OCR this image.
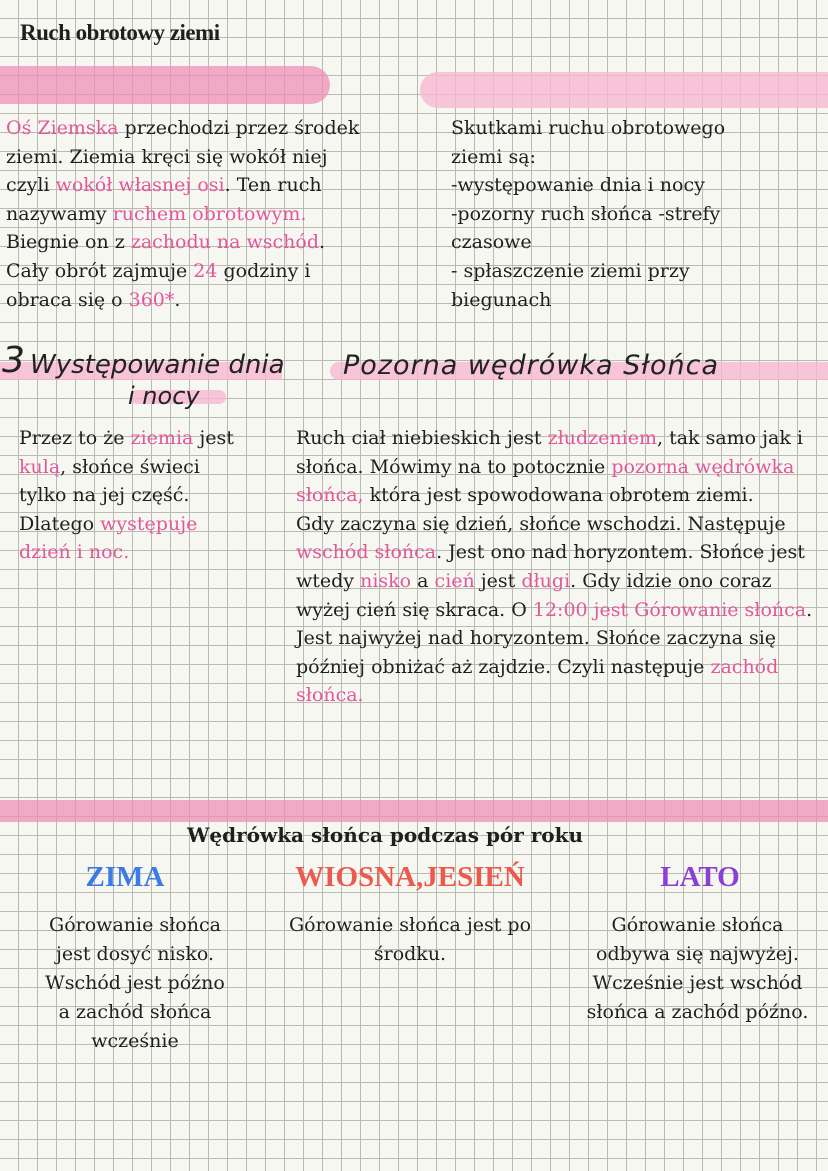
Ruch obrotowy ziemi
Oś Ziemska przechodzi przez środek ziemi. Ziemia kręci się wokół niej czyli wokół własnej osi. Ten ruch nazywamy ruchem obrotowym. Biegnie on z zachodu na wschód. Cały obrót zajmuje 24 godziny i obraca się o 360*.
Skutkami ruchu obrotowego ziemi są:
-występowanie dnia i nocy
-pozorny ruch słońca -strefy czasowe
- spłaszczenie ziemi przy biegunach
3 Występowanie dnia
i nocy
Pozorna wędrówka Słońca
Przez to że ziemia jest kulą, słońce świeci tylko na jej część. Dlatego występuje dzień i noc.
Ruch ciał niebieskich jest złudzeniem, tak samo jak i słońca. Mówimy na to potocznie pozorna wędrówka słońca, która jest spowodowana obrotem ziemi.
Gdy zaczyna się dzień, słońce wschodzi. Następuje wschód słońca. Jest ono nad horyzontem. Słońce jest wtedy nisko a cień jest długi. Gdy idzie ono coraz wyżej cień się skraca. O 12:00 jest Górowanie słońca. Jest najwyżej nad horyzontem. Słońce zaczyna się później obniżać aż zajdzie. Czyli następuje zachód słońca.
Wędrówka słońca podczas pór roku
ZIMA	WIOSNA,JESIEŃ	LATO
Górowanie słońca jest dosyć nisko. Wschód jest późno a zachód słońca wcześnie
Górowanie słońca jest po środku.
Górowanie słońca odbywa się najwyżej. Wcześnie jest wschód słońca a zachód późno.
